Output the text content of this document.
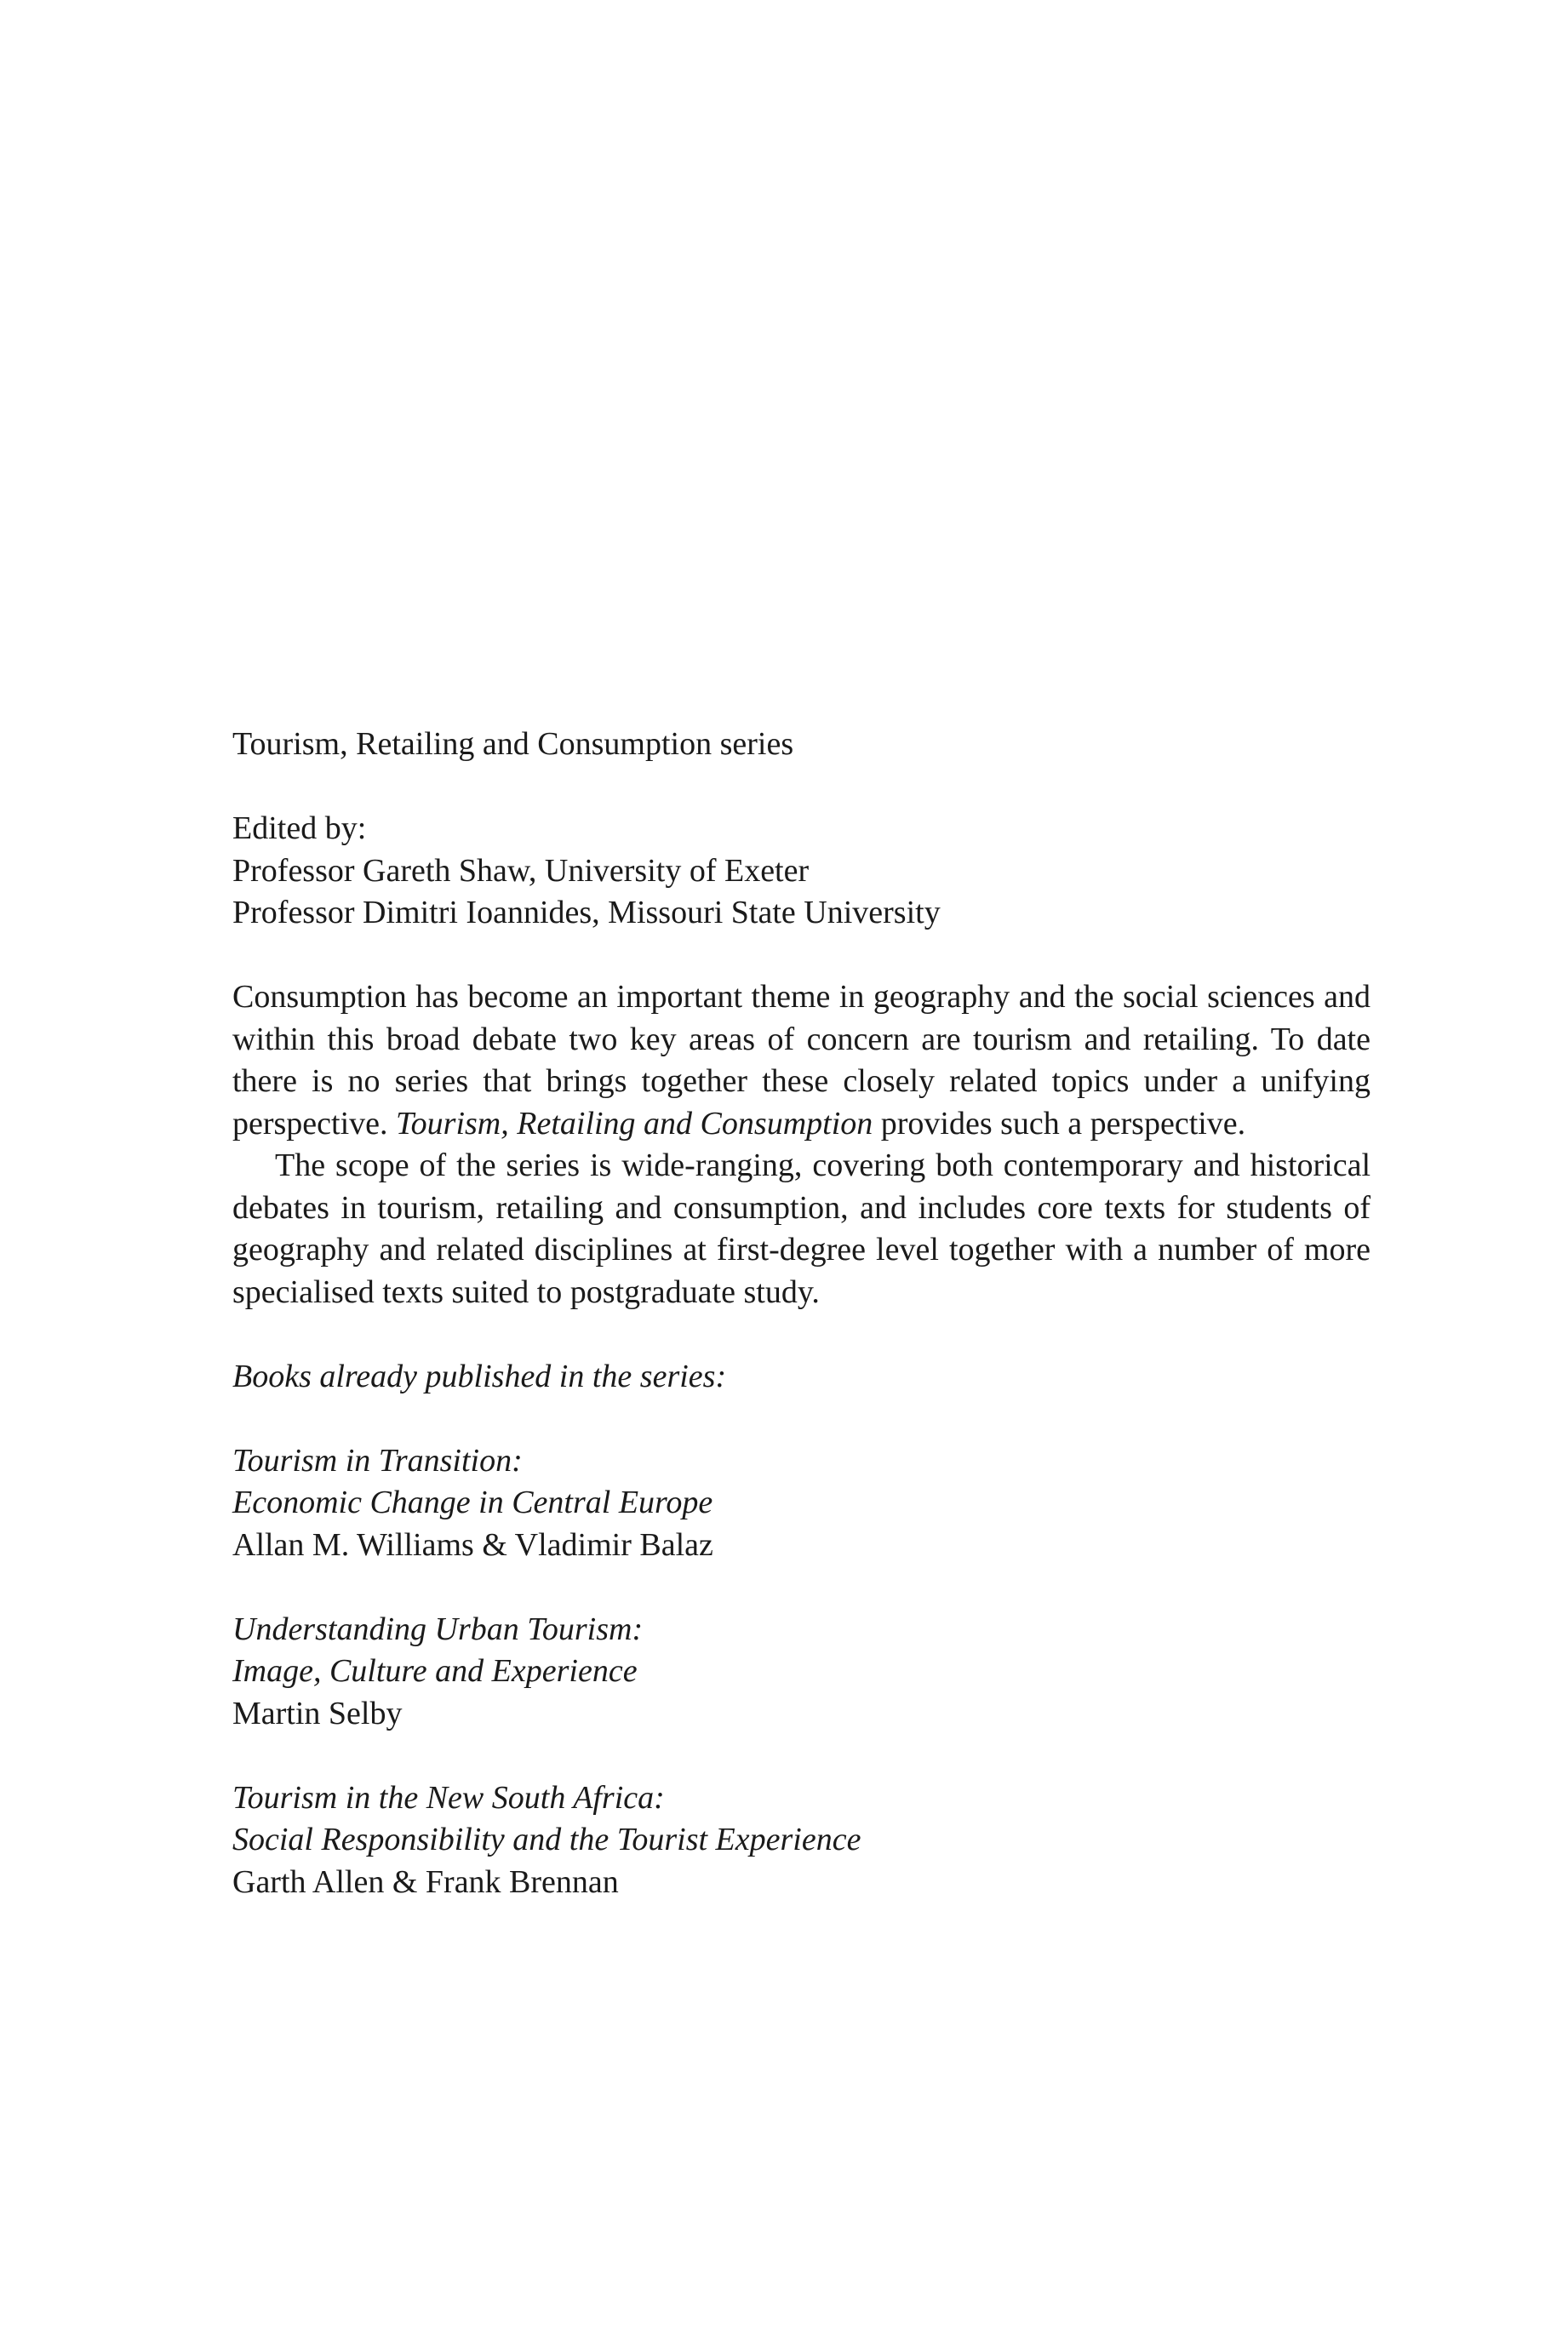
Tourism, Retailing and Consumption series
Edited by:
Professor Gareth Shaw, University of Exeter
Professor Dimitri Ioannides, Missouri State University

Consumption has become an important theme in geography and the social sciences and within this broad debate two key areas of concern are tourism and retailing. To date there is no series that brings together these closely related topics under a unifying perspective. Tourism, Retailing and Consumption provides such a perspective.

The scope of the series is wide-ranging, covering both contemporary and historical debates in tourism, retailing and consumption, and includes core texts for students of geography and related disciplines at first-degree level together with a number of more specialised texts suited to postgraduate study.

Books already published in the series:
Tourism in Transition:
Economic Change in Central Europe
Allan M. Williams & Vladimir Balaz
Understanding Urban Tourism:
Image, Culture and Experience
Martin Selby
Tourism in the New South Africa:
Social Responsibility and the Tourist Experience
Garth Allen & Frank Brennan
